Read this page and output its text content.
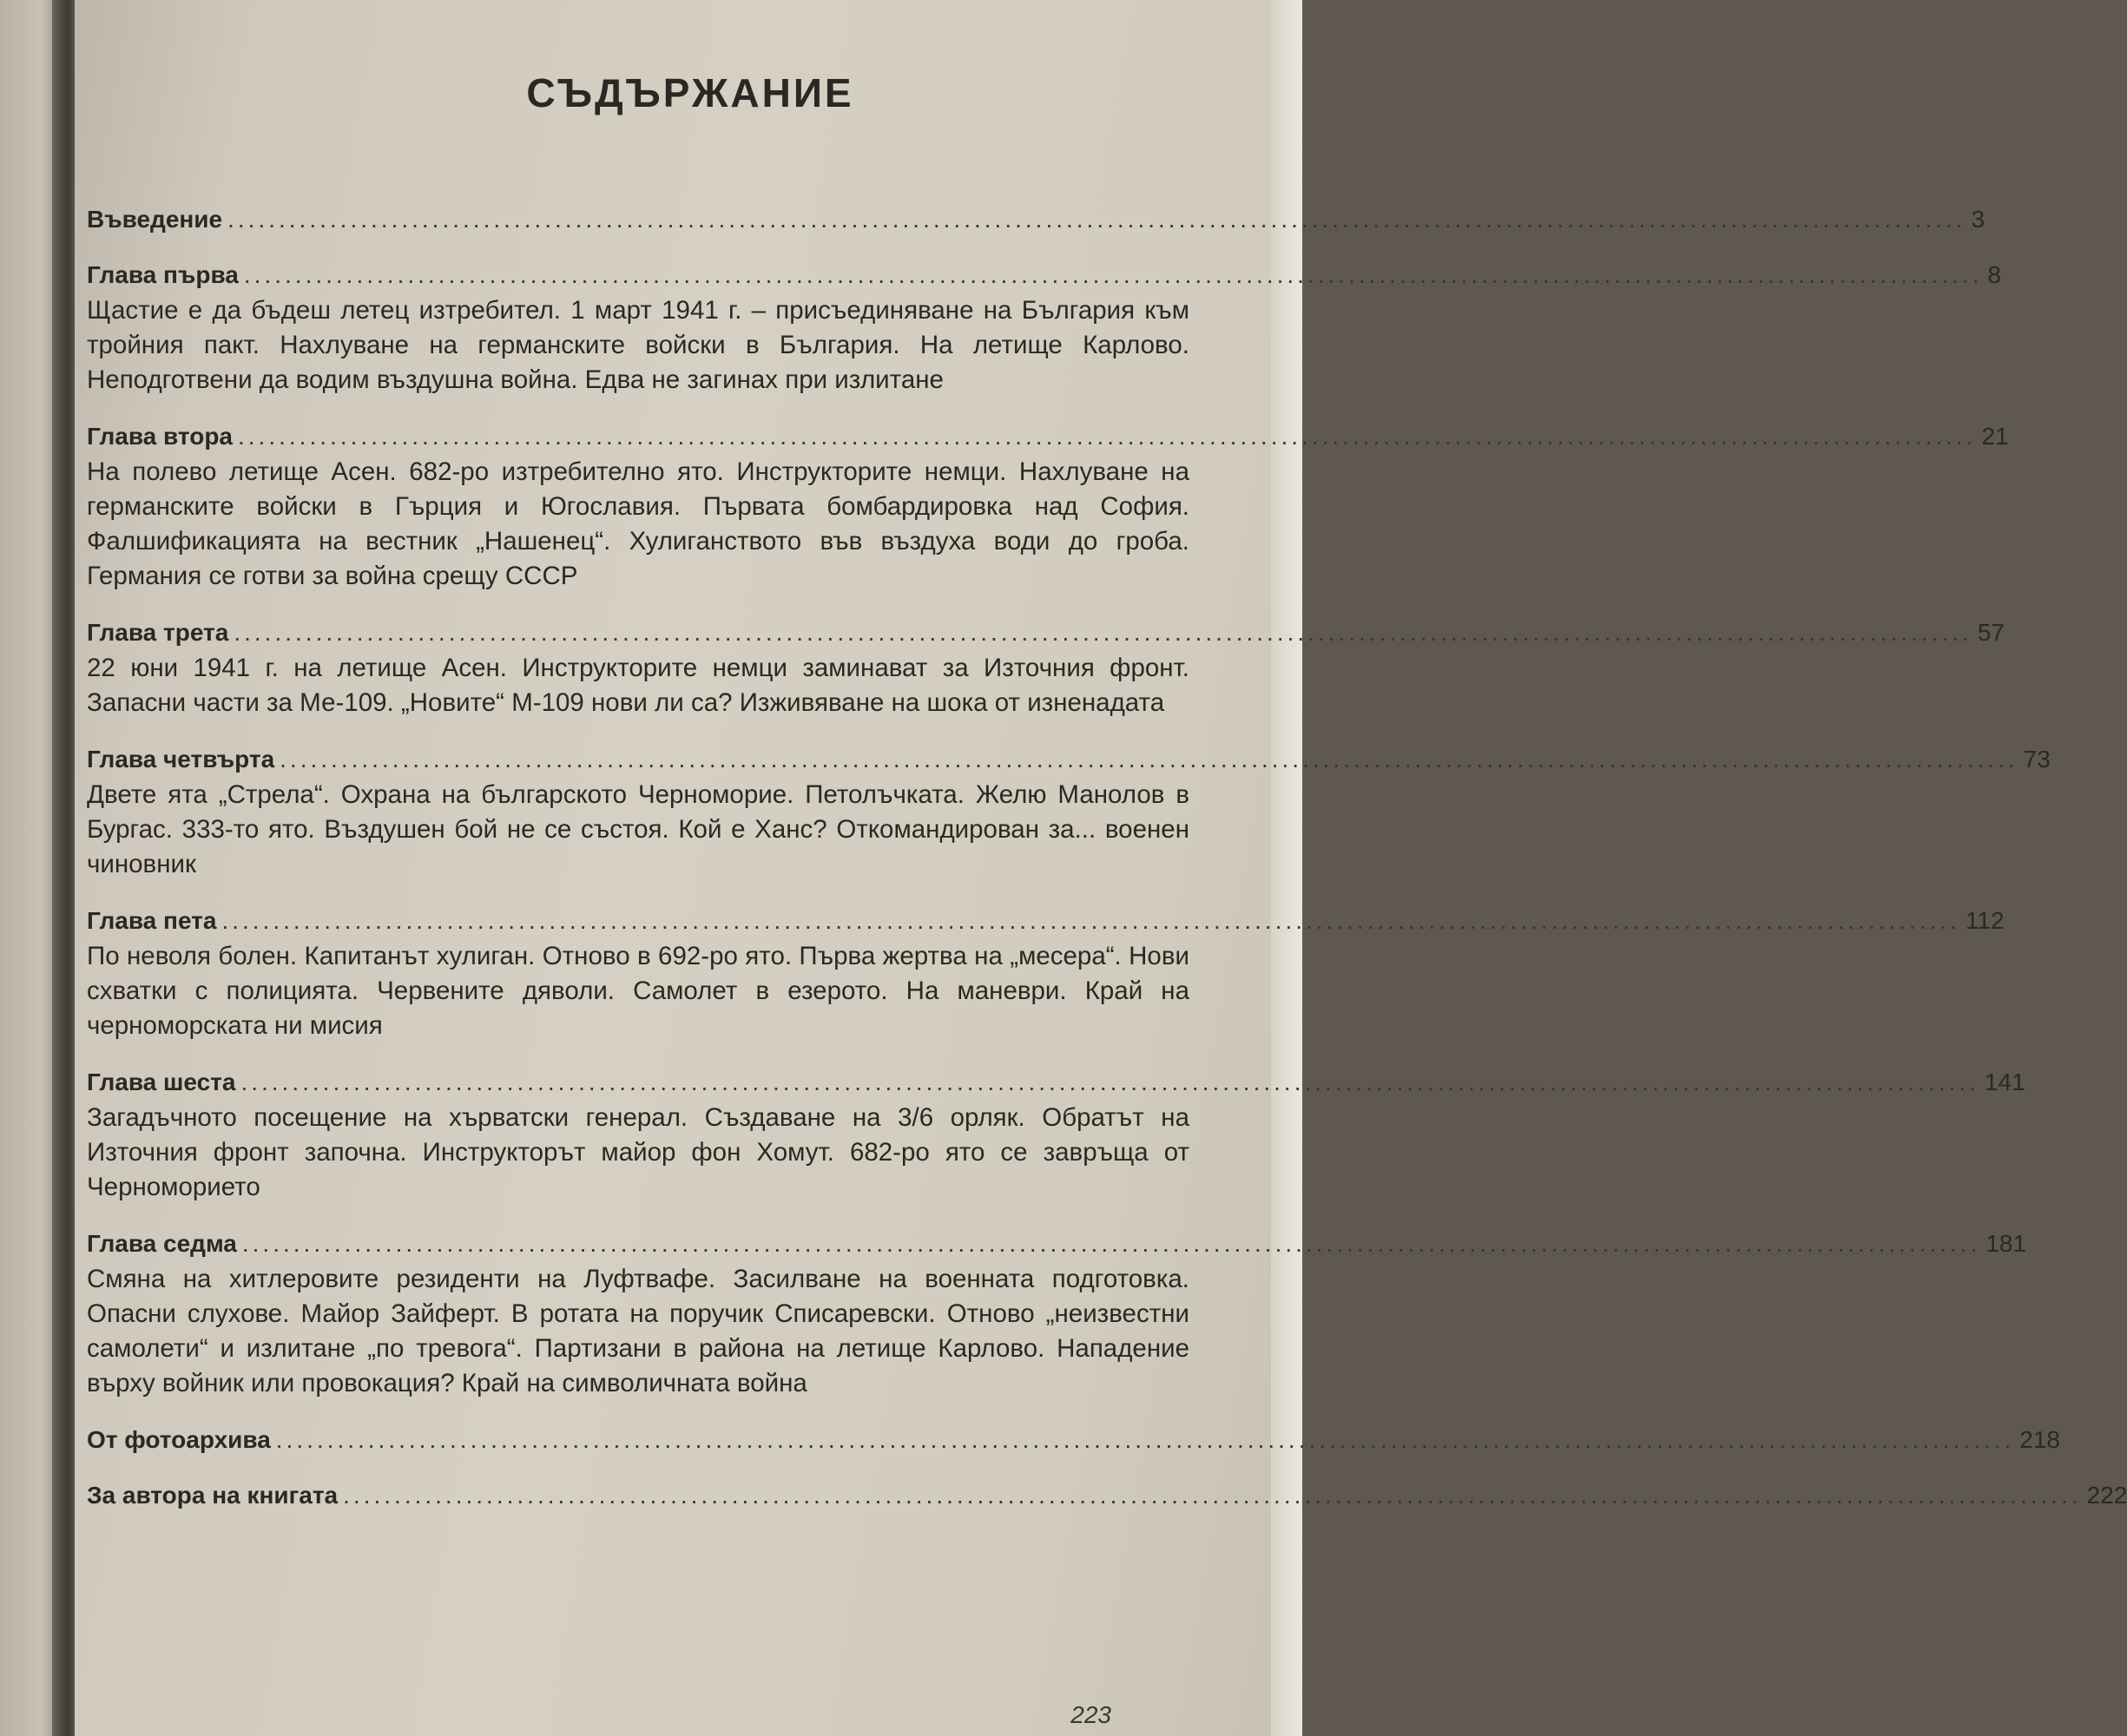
СЪДЪРЖАНИЕ
Въведение .......................................................................................................................................................................... 3
Глава първа .......................................................................................................................................................................... 8

Щастие е да бъдеш летец изтребител. 1 март 1941 г. – присъединяване на България към тройния пакт. Нахлуване на германските войски в България. На летище Карлово. Неподготвени да водим въздушна война. Едва не загинах при излитане

Глава втора .......................................................................................................................................................................... 21

На полево летище Асен. 682-ро изтребително ято. Инструкторите немци. Нахлуване на германските войски в Гърция и Югославия. Първата бомбардировка над София. Фалшификацията на вестник „Нашенец“. Хулиганството във въздуха води до гроба. Германия се готви за война срещу СССР

Глава трета .......................................................................................................................................................................... 57

22 юни 1941 г. на летище Асен. Инструкторите немци заминават за Източния фронт. Запасни части за Ме-109. „Новите“ М-109 нови ли са? Изживяване на шока от изненадата

Глава четвърта .......................................................................................................................................................................... 73

Двете ята „Стрела“. Охрана на българското Черноморие. Петолъчката. Желю Манолов в Бургас. 333-то ято. Въздушен бой не се състоя. Кой е Ханс? Откомандирован за... военен чиновник

Глава пета .......................................................................................................................................................................... 112

По неволя болен. Капитанът хулиган. Отново в 692-ро ято. Първа жертва на „месера“. Нови схватки с полицията. Червените дяволи. Самолет в езерото. На маневри. Край на черноморската ни мисия

Глава шеста .......................................................................................................................................................................... 141

Загадъчното посещение на хърватски генерал. Създаване на 3/6 орляк. Обратът на Източния фронт започна. Инструкторът майор фон Хомут. 682-ро ято се завръща от Черноморието

Глава седма .......................................................................................................................................................................... 181

Смяна на хитлеровите резиденти на Луфтвафе. Засилване на военната подготовка. Опасни слухове. Майор Зайферт. В ротата на поручик Списаревски. Отново „неизвестни самолети“ и излитане „по тревога“. Партизани в района на летище Карлово. Нападение върху войник или провокация? Край на символичната война

От фотоархива .......................................................................................................................................................................... 218
За автора на книгата .......................................................................................................................................................................... 222
223
